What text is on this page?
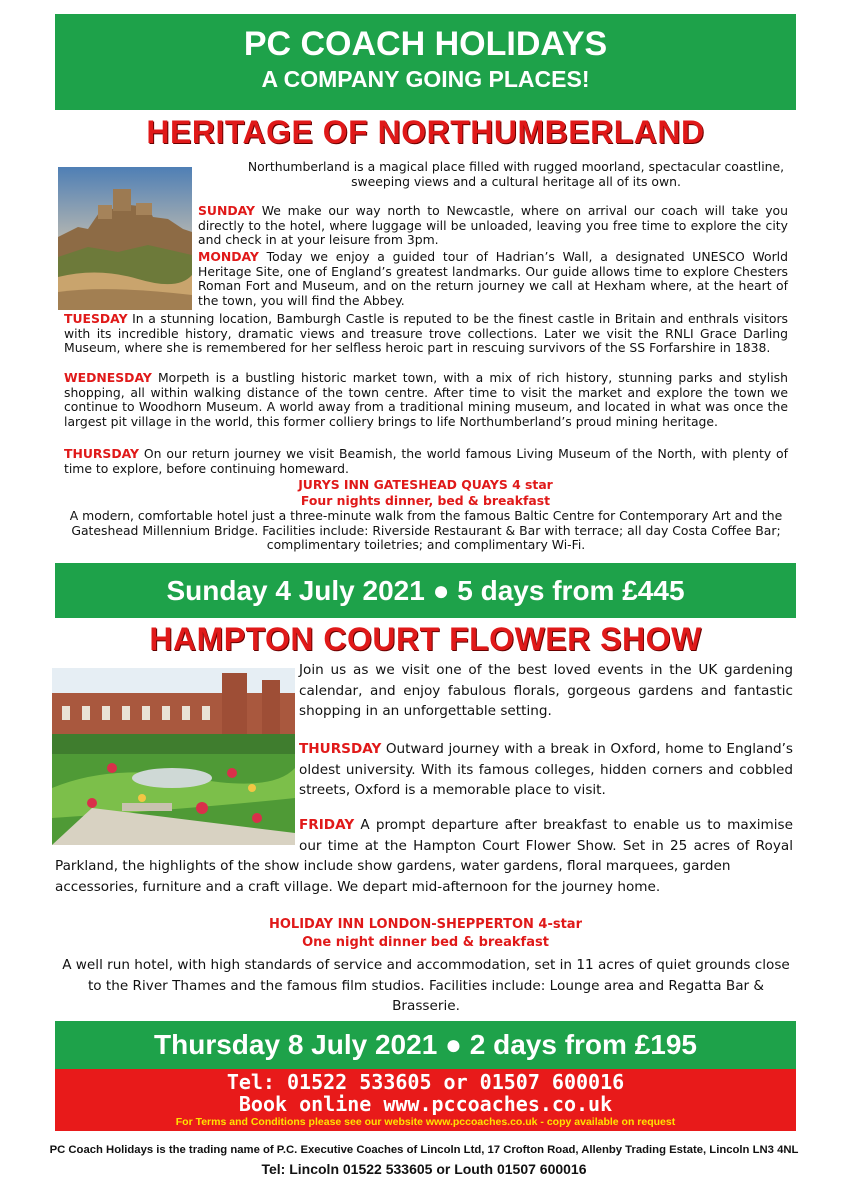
PC COACH HOLIDAYS
A COMPANY GOING PLACES!
HERITAGE OF NORTHUMBERLAND
Northumberland is a magical place filled with rugged moorland, spectacular coastline, sweeping views and a cultural heritage all of its own.
SUNDAY We make our way north to Newcastle, where on arrival our coach will take you directly to the hotel, where luggage will be unloaded, leaving you free time to explore the city and check in at your leisure from 3pm.
MONDAY Today we enjoy a guided tour of Hadrian’s Wall, a designated UNESCO World Heritage Site, one of England’s greatest landmarks. Our guide allows time to explore Chesters Roman Fort and Museum, and on the return journey we call at Hexham where, at the heart of the town, you will find the Abbey.
TUESDAY In a stunning location, Bamburgh Castle is reputed to be the finest castle in Britain and enthrals visitors with its incredible history, dramatic views and treasure trove collections. Later we visit the RNLI Grace Darling Museum, where she is remembered for her selfless heroic part in rescuing survivors of the SS Forfarshire in 1838.
WEDNESDAY Morpeth is a bustling historic market town, with a mix of rich history, stunning parks and stylish shopping, all within walking distance of the town centre. After time to visit the market and explore the town we continue to Woodhorn Museum. A world away from a traditional mining museum, and located in what was once the largest pit village in the world, this former colliery brings to life Northumberland’s proud mining heritage.
THURSDAY On our return journey we visit Beamish, the world famous Living Museum of the North, with plenty of time to explore, before continuing homeward.
JURYS INN GATESHEAD QUAYS 4 star
Four nights dinner, bed & breakfast
A modern, comfortable hotel just a three-minute walk from the famous Baltic Centre for Contemporary Art and the Gateshead Millennium Bridge. Facilities include: Riverside Restaurant & Bar with terrace; all day Costa Coffee Bar; complimentary toiletries; and complimentary Wi-Fi.
Sunday 4 July 2021 ● 5 days from £445
HAMPTON COURT FLOWER SHOW
Join us as we visit one of the best loved events in the UK gardening calendar, and enjoy fabulous florals, gorgeous gardens and fantastic shopping in an unforgettable setting.
THURSDAY Outward journey with a break in Oxford, home to England’s oldest university. With its famous colleges, hidden corners and cobbled streets, Oxford is a memorable place to visit.
FRIDAY A prompt departure after breakfast to enable us to maximise our time at the Hampton Court Flower Show. Set in 25 acres of Royal
Parkland, the highlights of the show include show gardens, water gardens, floral marquees, garden accessories, furniture and a craft village. We depart mid-afternoon for the journey home.
HOLIDAY INN LONDON-SHEPPERTON 4-star
One night dinner bed & breakfast
A well run hotel, with high standards of service and accommodation, set in 11 acres of quiet grounds close to the River Thames and the famous film studios. Facilities include: Lounge area and Regatta Bar & Brasserie.
Thursday 8 July 2021 ● 2 days from £195
Tel: 01522 533605 or 01507 600016
Book online www.pccoaches.co.uk
For Terms and Conditions please see our website www.pccoaches.co.uk - copy available on request
PC Coach Holidays is the trading name of P.C. Executive Coaches of Lincoln Ltd, 17 Crofton Road, Allenby Trading Estate, Lincoln LN3 4NL
Tel: Lincoln 01522 533605 or Louth 01507 600016
